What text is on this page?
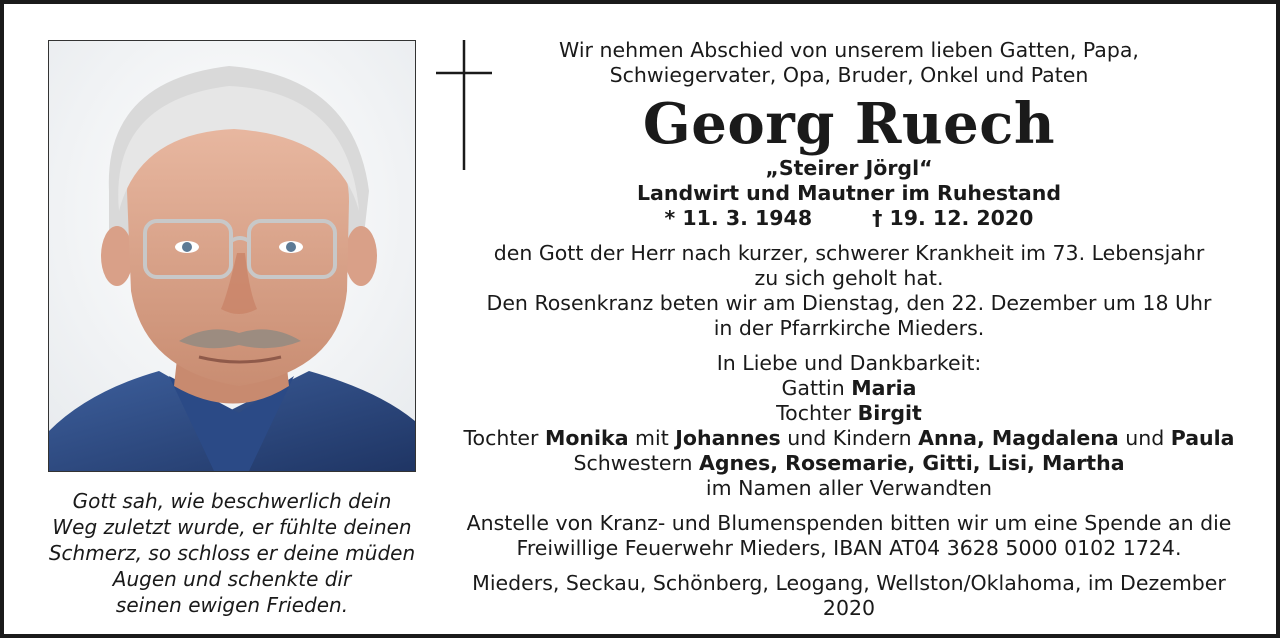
Gott sah, wie beschwerlich dein
Weg zuletzt wurde, er fühlte deinen
Schmerz, so schloss er deine müden
Augen und schenkte dir
seinen ewigen Frieden.
Wir nehmen Abschied von unserem lieben Gatten, Papa,
Schwiegervater, Opa, Bruder, Onkel und Paten
Georg Ruech
„Steirer Jörgl“
Landwirt und Mautner im Ruhestand
* 11. 3. 1948	† 19. 12. 2020
den Gott der Herr nach kurzer, schwerer Krankheit im 73. Lebensjahr
zu sich geholt hat.
Den Rosenkranz beten wir am Dienstag, den 22. Dezember um 18 Uhr
in der Pfarrkirche Mieders.
In Liebe und Dankbarkeit:
Gattin Maria
Tochter Birgit
Tochter Monika mit Johannes und Kindern Anna, Magdalena und Paula
Schwestern Agnes, Rosemarie, Gitti, Lisi, Martha
im Namen aller Verwandten
Anstelle von Kranz- und Blumenspenden bitten wir um eine Spende an die
Freiwillige Feuerwehr Mieders, IBAN AT04 3628 5000 0102 1724.
Mieders, Seckau, Schönberg, Leogang, Wellston/Oklahoma, im Dezember 2020
